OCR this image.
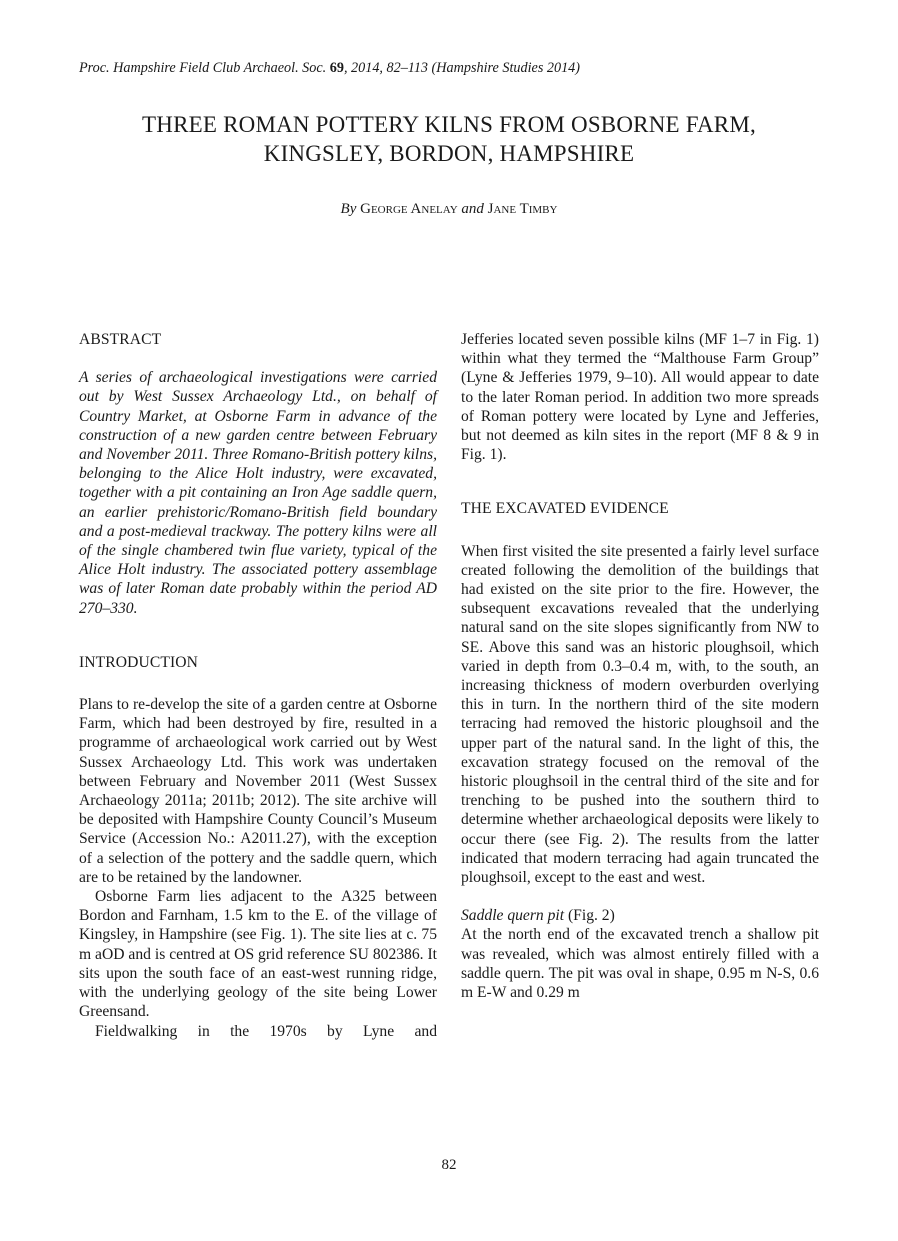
Proc. Hampshire Field Club Archaeol. Soc. 69, 2014, 82–113 (Hampshire Studies 2014)
THREE ROMAN POTTERY KILNS FROM OSBORNE FARM,
KINGSLEY, BORDON, HAMPSHIRE
By George Anelay and Jane Timby

ABSTRACT

A series of archaeological investigations were carried out by West Sussex Archaeology Ltd., on behalf of Country Market, at Osborne Farm in advance of the construction of a new garden centre between February and November 2011. Three Romano-British pottery kilns, belonging to the Alice Holt industry, were excavated, together with a pit containing an Iron Age saddle quern, an earlier prehistoric/Romano-British field boundary and a post-medieval trackway. The pottery kilns were all of the single chambered twin flue variety, typical of the Alice Holt industry. The associated pottery assemblage was of later Roman date probably within the period AD 270–330.

INTRODUCTION

Plans to re-develop the site of a garden centre at Osborne Farm, which had been destroyed by fire, resulted in a programme of archaeological work carried out by West Sussex Archaeology Ltd. This work was undertaken between February and November 2011 (West Sussex Archaeology 2011a; 2011b; 2012). The site archive will be deposited with Hampshire County Council’s Museum Service (Accession No.: A2011.27), with the exception of a selection of the pottery and the saddle quern, which are to be retained by the landowner.

Osborne Farm lies adjacent to the A325 between Bordon and Farnham, 1.5 km to the E. of the village of Kingsley, in Hampshire (see Fig. 1). The site lies at c. 75 m aOD and is centred at OS grid reference SU 802386. It sits upon the south face of an east-west running ridge, with the underlying geology of the site being Lower Greensand.

Fieldwalking in the 1970s by Lyne and

Jefferies located seven possible kilns (MF 1–7 in Fig. 1) within what they termed the “Malthouse Farm Group” (Lyne & Jefferies 1979, 9–10). All would appear to date to the later Roman period. In addition two more spreads of Roman pottery were located by Lyne and Jefferies, but not deemed as kiln sites in the report (MF 8 & 9 in Fig. 1).

THE EXCAVATED EVIDENCE

When first visited the site presented a fairly level surface created following the demolition of the buildings that had existed on the site prior to the fire. However, the subsequent excavations revealed that the underlying natural sand on the site slopes significantly from NW to SE. Above this sand was an historic ploughsoil, which varied in depth from 0.3–0.4 m, with, to the south, an increasing thickness of modern overburden overlying this in turn. In the northern third of the site modern terracing had removed the historic ploughsoil and the upper part of the natural sand. In the light of this, the excavation strategy focused on the removal of the historic ploughsoil in the central third of the site and for trenching to be pushed into the southern third to determine whether archaeological deposits were likely to occur there (see Fig. 2). The results from the latter indicated that modern terracing had again truncated the ploughsoil, except to the east and west.

Saddle quern pit (Fig. 2)

At the north end of the excavated trench a shallow pit was revealed, which was almost entirely filled with a saddle quern. The pit was oval in shape, 0.95 m N-S, 0.6 m E-W and 0.29 m

82
